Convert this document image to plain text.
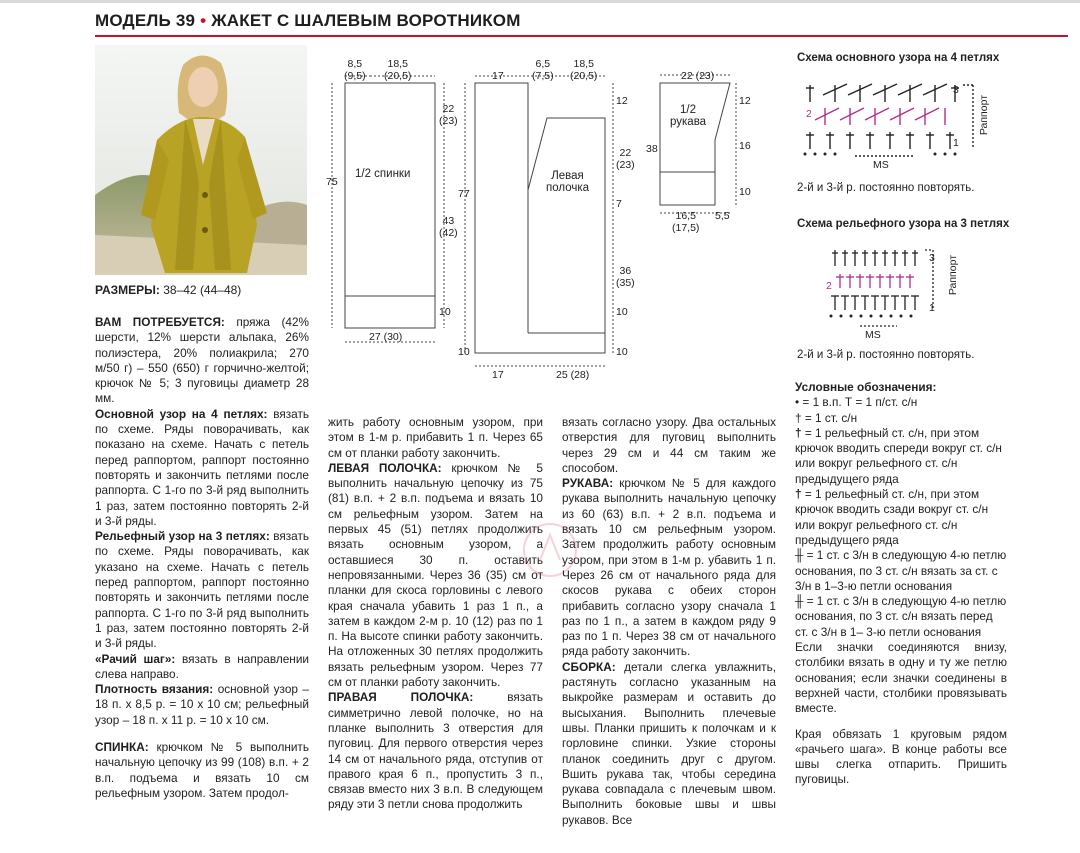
МОДЕЛЬ 39 • ЖАКЕТ С ШАЛЕВЫМ ВОРОТНИКОМ
РАЗМЕРЫ: 38–42 (44–48)

ВАМ ПОТРЕБУЕТСЯ: пряжа (42% шерсти, 12% шерсти альпака, 26% полиэстера, 20% полиакрила; 270 м/50 г) – 550 (650) г горчично-желтой; крючок № 5; 3 пуговицы диаметр 28 мм.

Основной узор на 4 петлях: вязать по схеме. Ряды поворачивать, как показано на схеме. Начать с петель перед раппортом, раппорт постоянно повторять и закончить петлями после раппорта. С 1-го по 3-й ряд выполнить 1 раз, затем постоянно повторять 2-й и 3-й ряды.

Рельефный узор на 3 петлях: вязать по схеме. Ряды поворачивать, как указано на схеме. Начать с петель перед раппортом, раппорт постоянно повторять и закончить петлями после раппорта. С 1-го по 3-й ряд выполнить 1 раз, затем постоянно повторять 2-й и 3-й ряды.

«Рачий шаг»: вязать в направлении слева направо.

Плотность вязания: основной узор – 18 п. х 8,5 р. = 10 х 10 см; рельефный узор – 18 п. х 11 р. = 10 х 10 см.

СПИНКА: крючком № 5 выполнить начальную цепочку из 99 (108) в.п. + 2 в.п. подъема и вязать 10 см рельефным узором. Затем продол-

жить работу основным узором, при этом в 1-м р. прибавить 1 п. Через 65 см от планки работу закончить.

ЛЕВАЯ ПОЛОЧКА: крючком № 5 выполнить начальную цепочку из 75 (81) в.п. + 2 в.п. подъема и вязать 10 см рельефным узором. Затем на первых 45 (51) петлях продолжить вязать основным узором, а оставшиеся 30 п. оставить непровязанными. Через 36 (35) см от планки для скоса горловины с левого края сначала убавить 1 раз 1 п., а затем в каждом 2-м р. 10 (12) раз по 1 п. На высоте спинки работу закончить. На отложенных 30 петлях продолжить вязать рельефным узором. Через 77 см от планки работу закончить.

ПРАВАЯ ПОЛОЧКА: вязать симметрично левой полочке, но на планке выполнить 3 отверстия для пуговиц. Для первого отверстия через 14 см от начального ряда, отступив от правого края 6 п., пропустить 3 п., связав вместо них 3 в.п. В следующем ряду эти 3 петли снова продолжить

вязать согласно узору. Два остальных отверстия для пуговиц выполнить через 29 см и 44 см таким же способом.

РУКАВА: крючком № 5 для каждого рукава выполнить начальную цепочку из 60 (63) в.п. + 2 в.п. подъема и вязать 10 см рельефным узором. Затем продолжить работу основным узором, при этом в 1-м р. убавить 1 п. Через 26 см от начального ряда для скосов рукава с обеих сторон прибавить согласно узору сначала 1 раз по 1 п., а затем в каждом ряду 9 раз по 1 п. Через 38 см от начального ряда работу закончить.

СБОРКА: детали слегка увлажнить, растянуть согласно указанным на выкройке размерам и оставить до высыхания. Выполнить плечевые швы. Планки пришить к полочкам и к горловине спинки. Узкие стороны планок соединить друг с другом. Вшить рукава так, чтобы середина рукава совпадала с плечевым швом. Выполнить боковые швы и швы рукавов. Все

8,5
(9,5)
18,5
(20,5)
22
(23)
75
43
(42)
10
27 (30)
1/2 спинки
17
6,5
(7,5)
18,5
(20,5)
12
22
(23)
7
77
36
(35)
10
10	10
17	25 (28)
Левая
полочка
22 (23)
12
16
38
10
16,5
(17,5)
5,5
1/2
рукава
Схема основного узора на 4 петлях
3
2
1
Раппорт
MS
2-й и 3-й р. постоянно повторять.
Схема рельефного узора на 3 петлях
3
2
1
Раппорт
MS
2-й и 3-й р. постоянно повторять.

Условные обозначения:

• = 1 в.п. Т = 1 п/ст. с/н

† = 1 ст. с/н

† = 1 рельефный ст. с/н, при этом крючок вводить спереди вокруг ст. с/н или вокруг рельефного ст. с/н предыдущего ряда

† = 1 рельефный ст. с/н, при этом крючок вводить сзади вокруг ст. с/н или вокруг рельефного ст. с/н предыдущего ряда

╫ = 1 ст. с 3/н в следующую 4-ю петлю основания, по 3 ст. с/н вязать за ст. с 3/н в 1–3-ю петли основания

╫ = 1 ст. с 3/н в следующую 4-ю петлю основания, по 3 ст. с/н вязать перед ст. с 3/н в 1– 3-ю петли основания

Если значки соединяются внизу, столбики вязать в одну и ту же петлю основания; если значки соединены в верхней части, столбики провязывать вместе.

Края обвязать 1 круговым рядом «рачьего шага». В конце работы все швы слегка отпарить. Пришить пуговицы.
